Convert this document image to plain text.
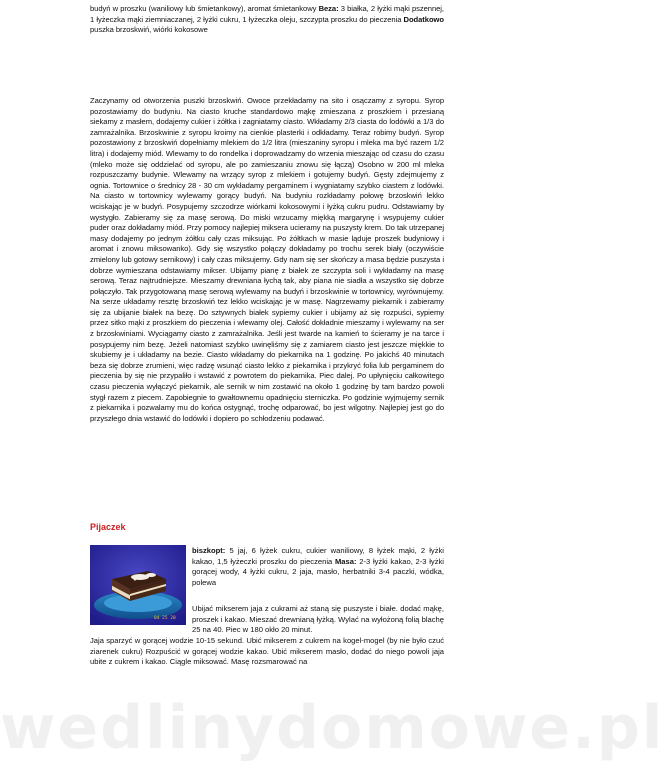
budyń w proszku (waniliowy lub śmietankowy), aromat śmietankowy Beza: 3 białka, 2 łyżki mąki pszennej, 1 łyżeczka mąki ziemniaczanej, 2 łyżki cukru, 1 łyżeczka oleju, szczypta proszku do pieczenia Dodatkowo puszka brzoskwiń, wiórki kokosowe

Zaczynamy od otworzenia puszki brzoskwiń. Owoce przekładamy na sito i osączamy z syropu. Syrop pozostawiamy do budyniu. Na ciasto kruche standardowo mąkę zmieszana z proszkiem i przesianą siekamy z masłem, dodajemy cukier i żółtka i zagniatamy ciasto. Wkładamy 2/3 ciasta do lodówki a 1/3 do zamrażalnika. Brzoskwinie z syropu kroimy na cienkie plasterki i odkładamy. Teraz robimy budyń. Syrop pozostawiony z brzoskwiń dopełniamy mlekiem do 1/2 litra (mieszaniny syropu i mleka ma być razem 1/2 litra) i dodajemy miód. Wlewamy to do rondelka i doprowadzamy do wrzenia mieszając od czasu do czasu (mleko może się oddzielać od syropu, ale po zamieszaniu znowu się łączą) Osobno w 200 ml mleka rozpuszczamy budynie. Wlewamy na wrzący syrop z mlekiem i gotujemy budyń. Gęsty zdejmujemy z ognia. Tortownice o średnicy 28 - 30 cm wykładamy pergaminem i wygniatamy szybko ciastem z lodówki. Na ciasto w tortownicy wylewamy gorący budyń. Na budyniu rozkładamy połowę brzoskwiń lekko wciskając je w budyń. Posypujemy szczodrze wiórkami kokosowymi i łyżką cukru pudru. Odstawiamy by wystygło. Zabieramy się za masę serową. Do miski wrzucamy miękką margarynę i wsypujemy cukier puder oraz dokładamy miód. Przy pomocy najlepiej miksera ucieramy na puszysty krem. Do tak utrzepanej masy dodajemy po jednym żółtku cały czas miksując. Po żółtkach w masie ląduje proszek budyniowy i aromat i znowu miksowanko). Gdy się wszystko połączy dokładamy po trochu serek biały (oczywiście zmielony lub gotowy sernikowy) i cały czas miksujemy. Gdy nam się ser skończy a masa będzie puszysta i dobrze wymieszana odstawiamy mikser. Ubijamy pianę z białek ze szczypta soli i wykładamy na masę serową. Teraz najtrudniejsze. Mieszamy drewniana łychą tak, aby piana nie siadła a wszystko się dobrze połączyło. Tak przygotowaną masę serową wylewamy na budyń i brzoskwinie w tortownicy, wyrównujemy. Na serze układamy resztę brzoskwiń tez lekko wciskając je w masę. Nagrzewamy piekarnik i zabieramy się za ubijanie białek na bezę. Do sztywnych białek sypiemy cukier i ubijamy aż się rozpuści, sypiemy przez sitko mąki z proszkiem do pieczenia i wlewamy olej. Całość dokładnie mieszamy i wylewamy na ser z brzoskwiniami. Wyciągamy ciasto z zamrażalnika. Jeśli jest twarde na kamień to ścieramy je na tarce i posypujemy nim bezę. Jeżeli natomiast szybko uwinęliśmy się z zamiarem ciasto jest jeszcze miękkie to skubiemy je i układamy na bezie. Ciasto wkładamy do piekarnika na 1 godzinę. Po jakichś 40 minutach beza się dobrze zrumieni, więc radzę wsunąć ciasto lekko z piekarnika i przykryć folia lub pergaminem do pieczenia by się nie przypaliło i wstawić z powrotem do piekarnika. Piec dalej. Po upłynięciu całkowitego czasu pieczenia wyłączyć piekarnik, ale sernik w nim zostawić na około 1 godzinę by tam bardzo powoli stygł razem z piecem. Zapobiegnie to gwałtownemu opadnięciu sterniczka. Po godzinie wyjmujemy sernik z piekarnika i pozwalamy mu do końca ostygnąć, trochę odparować, bo jest wilgotny. Najlepiej jest go do przyszłego dnia wstawić do lodówki i dopiero po schłodzeniu podawać.

Pijaczek
04 25 20
biszkopt: 5 jaj, 6 łyżek cukru, cukier waniliowy, 8 łyżek mąki, 2 łyżki kakao, 1,5 łyżeczki proszku do pieczenia Masa: 2-3 łyżki kakao, 2-3 łyżki gorącej wody, 4 łyżki cukru, 2 jaja, masło, herbatniki 3-4 paczki, wódka, polewa

Ubijać mikserem jaja z cukrami aż staną się puszyste i białe. dodać mąkę, proszek i kakao. Mieszać drewnianą łyżką. Wylać na wyłożoną folią blachę 25 na 40. Piec w 180 okło 20 minut.

Jaja sparzyć w gorącej wodzie 10-15 sekund. Ubić mikserem z cukrem na kogel-mogel (by nie było czuć ziarenek cukru) Rozpuścić w gorącej wodzie kakao. Ubić mikserem masło, dodać do niego powoli jaja ubite z cukrem i kakao. Ciągle miksować. Masę rozsmarować na

wedlinydomowe.pl
